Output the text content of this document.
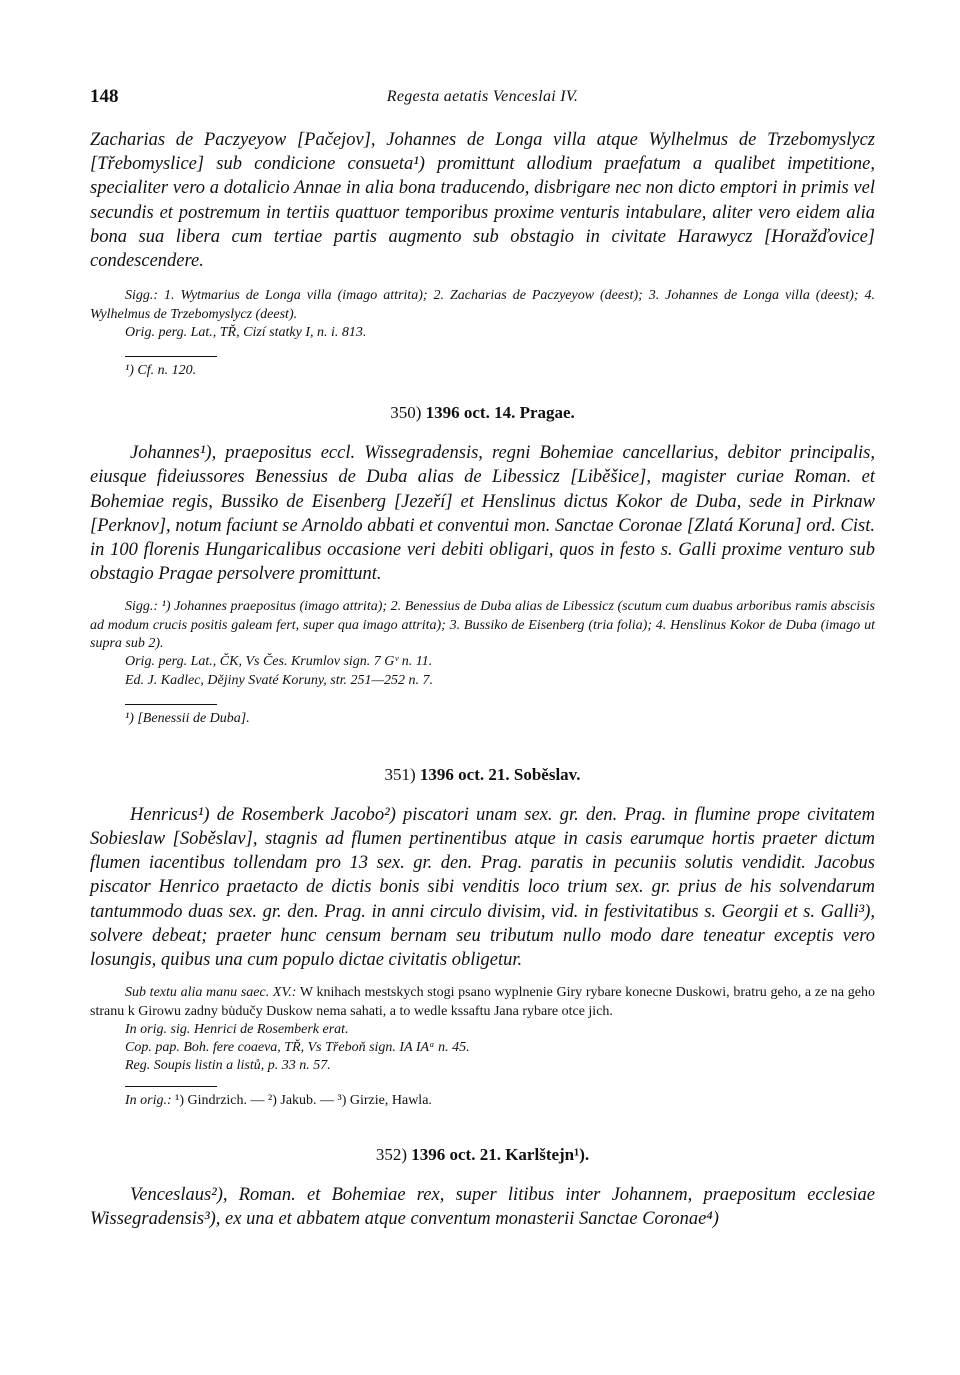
148	Regesta aetatis Venceslai IV.

Zacharias de Paczyeyow [Pačejov], Johannes de Longa villa atque Wylhelmus de Trzebomyslycz [Třebomyslice] sub condicione consueta¹) promittunt allodium praefatum a qualibet impetitione, specialiter vero a dotalicio Annae in alia bona traducendo, disbrigare nec non dicto emptori in primis vel secundis et postremum in tertiis quattuor temporibus proxime venturis intabulare, aliter vero eidem alia bona sua libera cum tertiae partis augmento sub obstagio in civitate Harawycz [Horažďovice] condescendere.

Sigg.: 1. Wytmarius de Longa villa (imago attrita); 2. Zacharias de Paczyeyow (deest); 3. Johannes de Longa villa (deest); 4. Wylhelmus de Trzebomyslycz (deest).

Orig. perg. Lat., TŘ, Cizí statky I, n. i. 813.

¹) Cf. n. 120.

350) 1396 oct. 14. Pragae.

Johannes¹), praepositus eccl. Wissegradensis, regni Bohemiae cancellarius, debitor principalis, eiusque fideiussores Benessius de Duba alias de Libessicz [Liběšice], magister curiae Roman. et Bohemiae regis, Bussiko de Eisenberg [Jezeří] et Henslinus dictus Kokor de Duba, sede in Pirknaw [Perknov], notum faciunt se Arnoldo abbati et conventui mon. Sanctae Coronae [Zlatá Koruna] ord. Cist. in 100 florenis Hungaricalibus occasione veri debiti obligari, quos in festo s. Galli proxime venturo sub obstagio Pragae persolvere promittunt.

Sigg.: ¹) Johannes praepositus (imago attrita); 2. Benessius de Duba alias de Libessicz (scutum cum duabus arboribus ramis abscisis ad modum crucis positis galeam fert, super qua imago attrita); 3. Bussiko de Eisenberg (tria folia); 4. Henslinus Kokor de Duba (imago ut supra sub 2).

Orig. perg. Lat., ČK, Vs Čes. Krumlov sign. 7 Gᵛ n. 11.

Ed. J. Kadlec, Dějiny Svaté Koruny, str. 251—252 n. 7.

¹) [Benessii de Duba].

351) 1396 oct. 21. Soběslav.

Henricus¹) de Rosemberk Jacobo²) piscatori unam sex. gr. den. Prag. in flumine prope civitatem Sobieslaw [Soběslav], stagnis ad flumen pertinentibus atque in casis earumque hortis praeter dictum flumen iacentibus tollendam pro 13 sex. gr. den. Prag. paratis in pecuniis solutis vendidit. Jacobus piscator Henrico praetacto de dictis bonis sibi venditis loco trium sex. gr. prius de his solvendarum tantummodo duas sex. gr. den. Prag. in anni circulo divisim, vid. in festivitatibus s. Georgii et s. Galli³), solvere debeat; praeter hunc censum bernam seu tributum nullo modo dare teneatur exceptis vero losungis, quibus una cum populo dictae civitatis obligetur.

Sub textu alia manu saec. XV.: W knihach mestskych stogi psano wyplnenie Giry rybare konecne Duskowi, bratru geho, a ze na geho stranu k Girowu zadny bu̇dučy Duskow nema sahati, a to wedle kssaftu Jana rybare otce jich.

In orig. sig. Henrici de Rosemberk erat.

Cop. pap. Boh. fere coaeva, TŘ, Vs Třeboň sign. IA IAᵃ n. 45.

Reg. Soupis listin a listů, p. 33 n. 57.

In orig.: ¹) Gindrzich. — ²) Jakub. — ³) Girzie, Hawla.

352) 1396 oct. 21. Karlštejn¹).

Venceslaus²), Roman. et Bohemiae rex, super litibus inter Johannem, praepositum ecclesiae Wissegradensis³), ex una et abbatem atque conventum monasterii Sanctae Coronae⁴)
